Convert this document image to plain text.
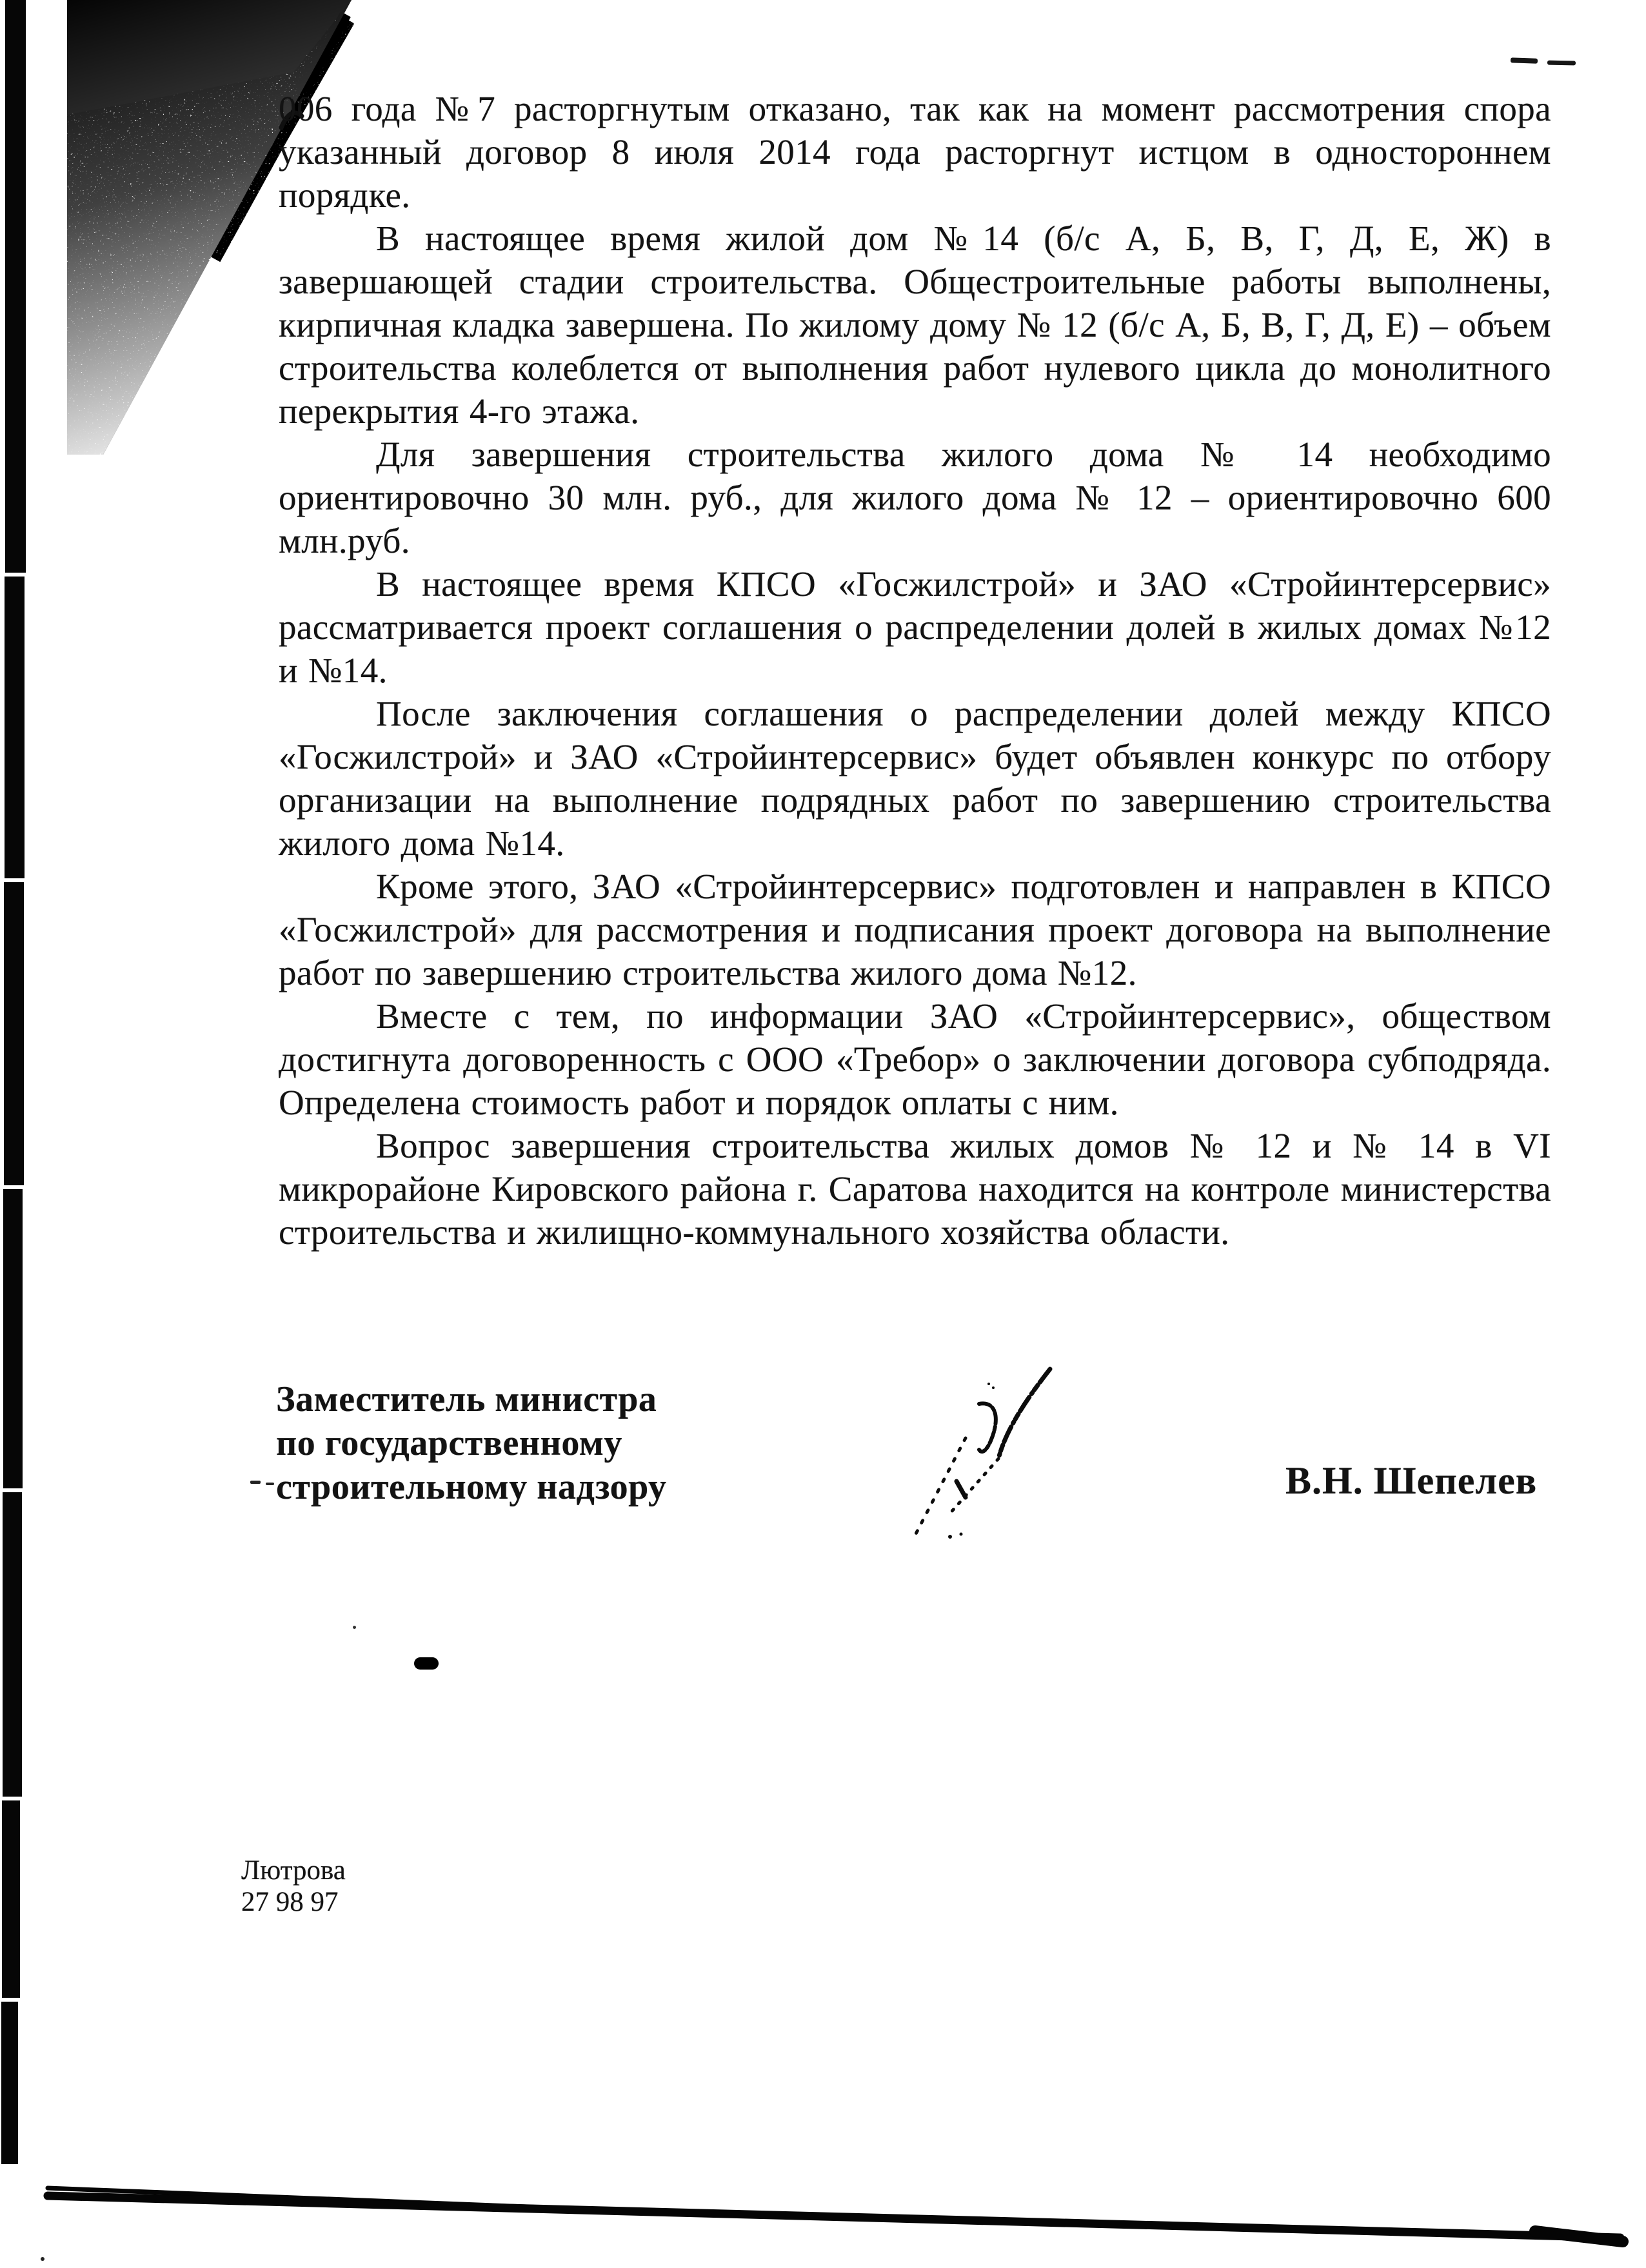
006 года №7 расторгнутым отказано, так как на момент рассмотрения спора указанный договор 8 июля 2014 года расторгнут истцом в одностороннем порядке.

В настоящее время жилой дом №14 (б/с А, Б, В, Г, Д, Е, Ж) в завершающей стадии строительства. Общестроительные работы выполнены, кирпичная кладка завершена. По жилому дому № 12 (б/с А, Б, В, Г, Д, Е) – объем строительства колеблется от выполнения работ нулевого цикла до монолитного перекрытия 4-го этажа.

Для завершения строительства жилого дома № 14 необходимо ориентировочно 30 млн. руб., для жилого дома № 12 – ориентировочно 600 млн.руб.

В настоящее время КПСО «Госжилстрой» и ЗАО «Стройинтерсервис» рассматривается проект соглашения о распределении долей в жилых домах №12 и №14.

После заключения соглашения о распределении долей между КПСО «Госжилстрой» и ЗАО «Стройинтерсервис» будет объявлен конкурс по отбору организации на выполнение подрядных работ по завершению строительства жилого дома №14.

Кроме этого, ЗАО «Стройинтерсервис» подготовлен и направлен в КПСО «Госжилстрой» для рассмотрения и подписания проект договора на выполнение работ по завершению строительства жилого дома №12.

Вместе с тем, по информации ЗАО «Стройинтерсервис», обществом достигнута договоренность с ООО «Требор» о заключении договора субподряда. Определена стоимость работ и порядок оплаты с ним.

Вопрос завершения строительства жилых домов № 12 и № 14 в VI микрорайоне Кировского района г. Саратова находится на контроле министерства строительства и жилищно-коммунального хозяйства области.

Заместитель министра
по государственному
строительному надзору	В.Н. Шепелев
Лютрова
27 98 97
